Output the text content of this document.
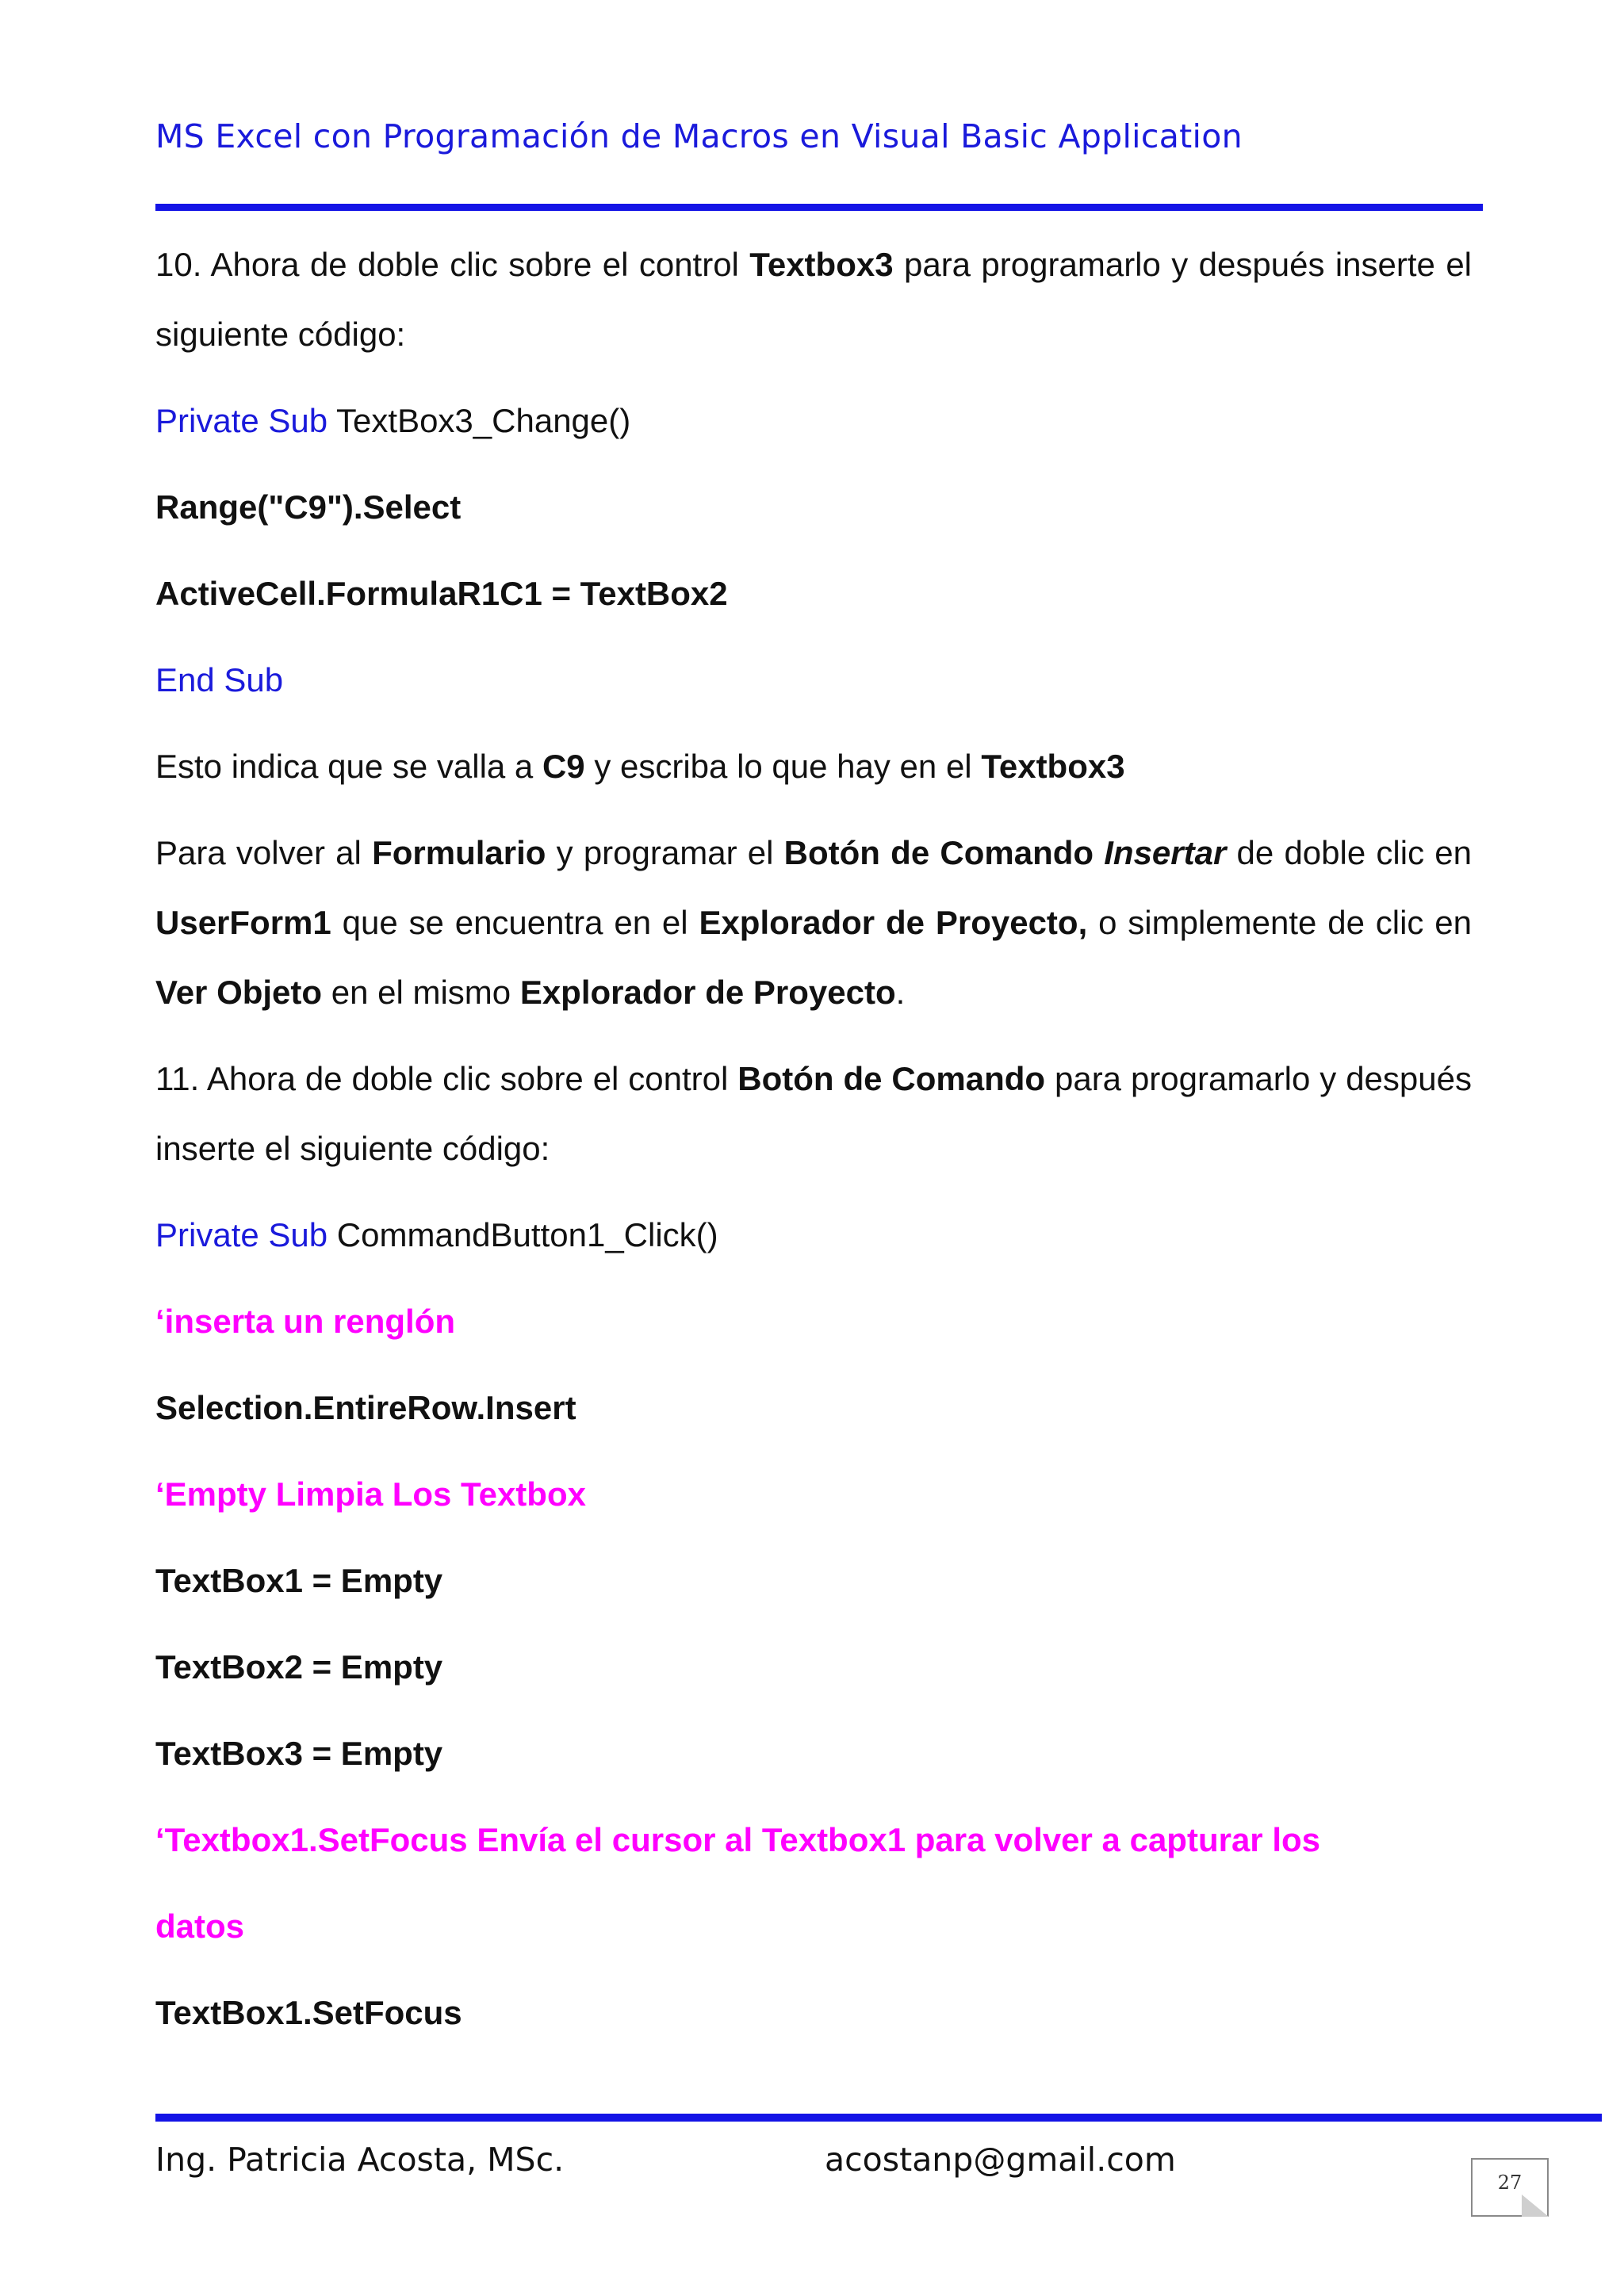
MS Excel con Programación de Macros en Visual Basic Application

10. Ahora de doble clic sobre el control Textbox3 para programarlo y después inserte el siguiente código:

Private Sub TextBox3_Change()

Range("C9").Select

ActiveCell.FormulaR1C1 = TextBox2

End Sub

Esto indica que se valla a C9 y escriba lo que hay en el Textbox3

Para volver al Formulario y programar el Botón de Comando Insertar de doble clic en UserForm1 que se encuentra en el Explorador de Proyecto, o simplemente de clic en Ver Objeto en el mismo Explorador de Proyecto.

11. Ahora de doble clic sobre el control Botón de Comando para programarlo y después inserte el siguiente código:

Private Sub CommandButton1_Click()

‘inserta un renglón

Selection.EntireRow.Insert

‘Empty Limpia Los Textbox

TextBox1 = Empty

TextBox2 = Empty

TextBox3 = Empty

‘Textbox1.SetFocus Envía el cursor al Textbox1 para volver a capturar los

datos

TextBox1.SetFocus

Ing. Patricia Acosta, MSc.	acostanp@gmail.com
27
